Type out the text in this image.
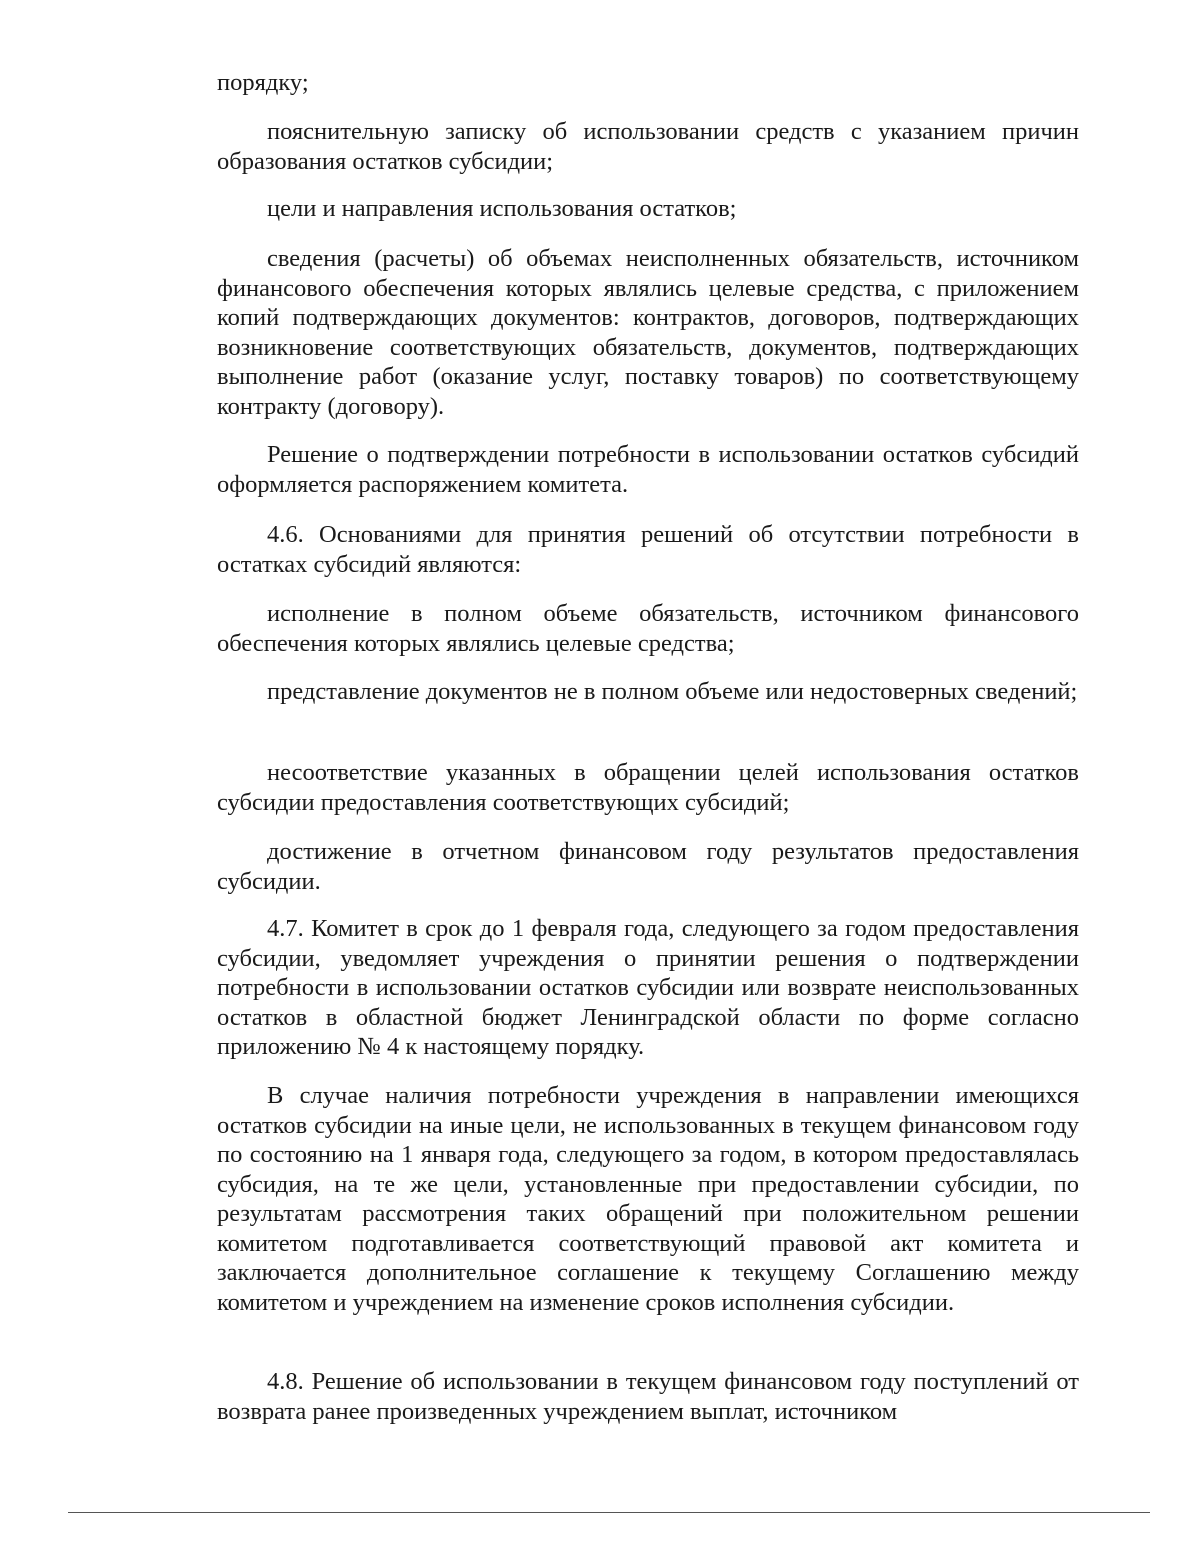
порядку;

пояснительную записку об использовании средств с указанием причин образования остатков субсидии;

цели и направления использования остатков;

сведения (расчеты) об объемах неисполненных обязательств, источником финансового обеспечения которых являлись целевые средства, с приложением копий подтверждающих документов: контрактов, договоров, подтверждающих возникновение соответствующих обязательств, документов, подтверждающих выполнение работ (оказание услуг, поставку товаров) по соответствующему контракту (договору).

Решение о подтверждении потребности в использовании остатков субсидий оформляется распоряжением комитета.

4.6. Основаниями для принятия решений об отсутствии потребности в остатках субсидий являются:

исполнение в полном объеме обязательств, источником финансового обеспечения которых являлись целевые средства;

представление документов не в полном объеме или недостоверных сведений;

несоответствие указанных в обращении целей использования остатков субсидии предоставления соответствующих субсидий;

достижение в отчетном финансовом году результатов предоставления субсидии.

4.7. Комитет в срок до 1 февраля года, следующего за годом предоставления субсидии, уведомляет учреждения о принятии решения о подтверждении потребности в использовании остатков субсидии или возврате неиспользованных остатков в областной бюджет Ленинградской области по форме согласно приложению № 4 к настоящему порядку.

В случае наличия потребности учреждения в направлении имеющихся остатков субсидии на иные цели, не использованных в текущем финансовом году по состоянию на 1 января года, следующего за годом, в котором предоставлялась субсидия, на те же цели, установленные при предоставлении субсидии, по результатам рассмотрения таких обращений при положительном решении комитетом подготавливается соответствующий правовой акт комитета и заключается дополнительное соглашение к текущему Соглашению между комитетом и учреждением на изменение сроков исполнения субсидии.

4.8. Решение об использовании в текущем финансовом году поступлений от возврата ранее произведенных учреждением выплат, источником
